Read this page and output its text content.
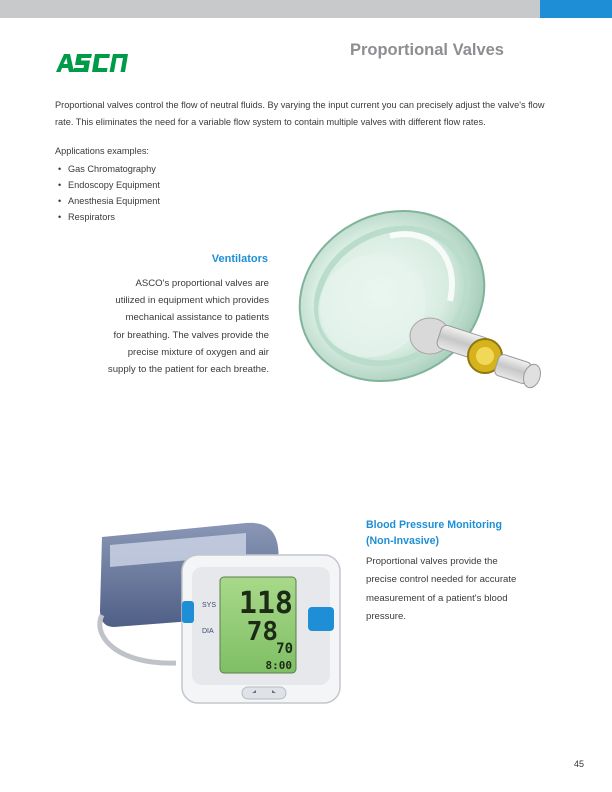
Proportional Valves

Proportional valves control the flow of neutral fluids. By varying the input current you can precisely adjust the valve's flow rate. This eliminates the need for a variable flow system to contain multiple valves with different flow rates.

Applications examples:
• Gas Chromatography
• Endoscopy Equipment
• Anesthesia Equipment
• Respirators
Ventilators
ASCO's proportional valves are
utilized in equipment which provides
mechanical assistance to patients
for breathing. The valves provide the
precise mixture of oxygen and air
supply to the patient for each breathe.
SYS
DIA
118
78
70
8:00
Blood Pressure Monitoring
(Non-Invasive)
Proportional valves provide the
precise control needed for accurate
measurement of a patient's blood
pressure.
45
